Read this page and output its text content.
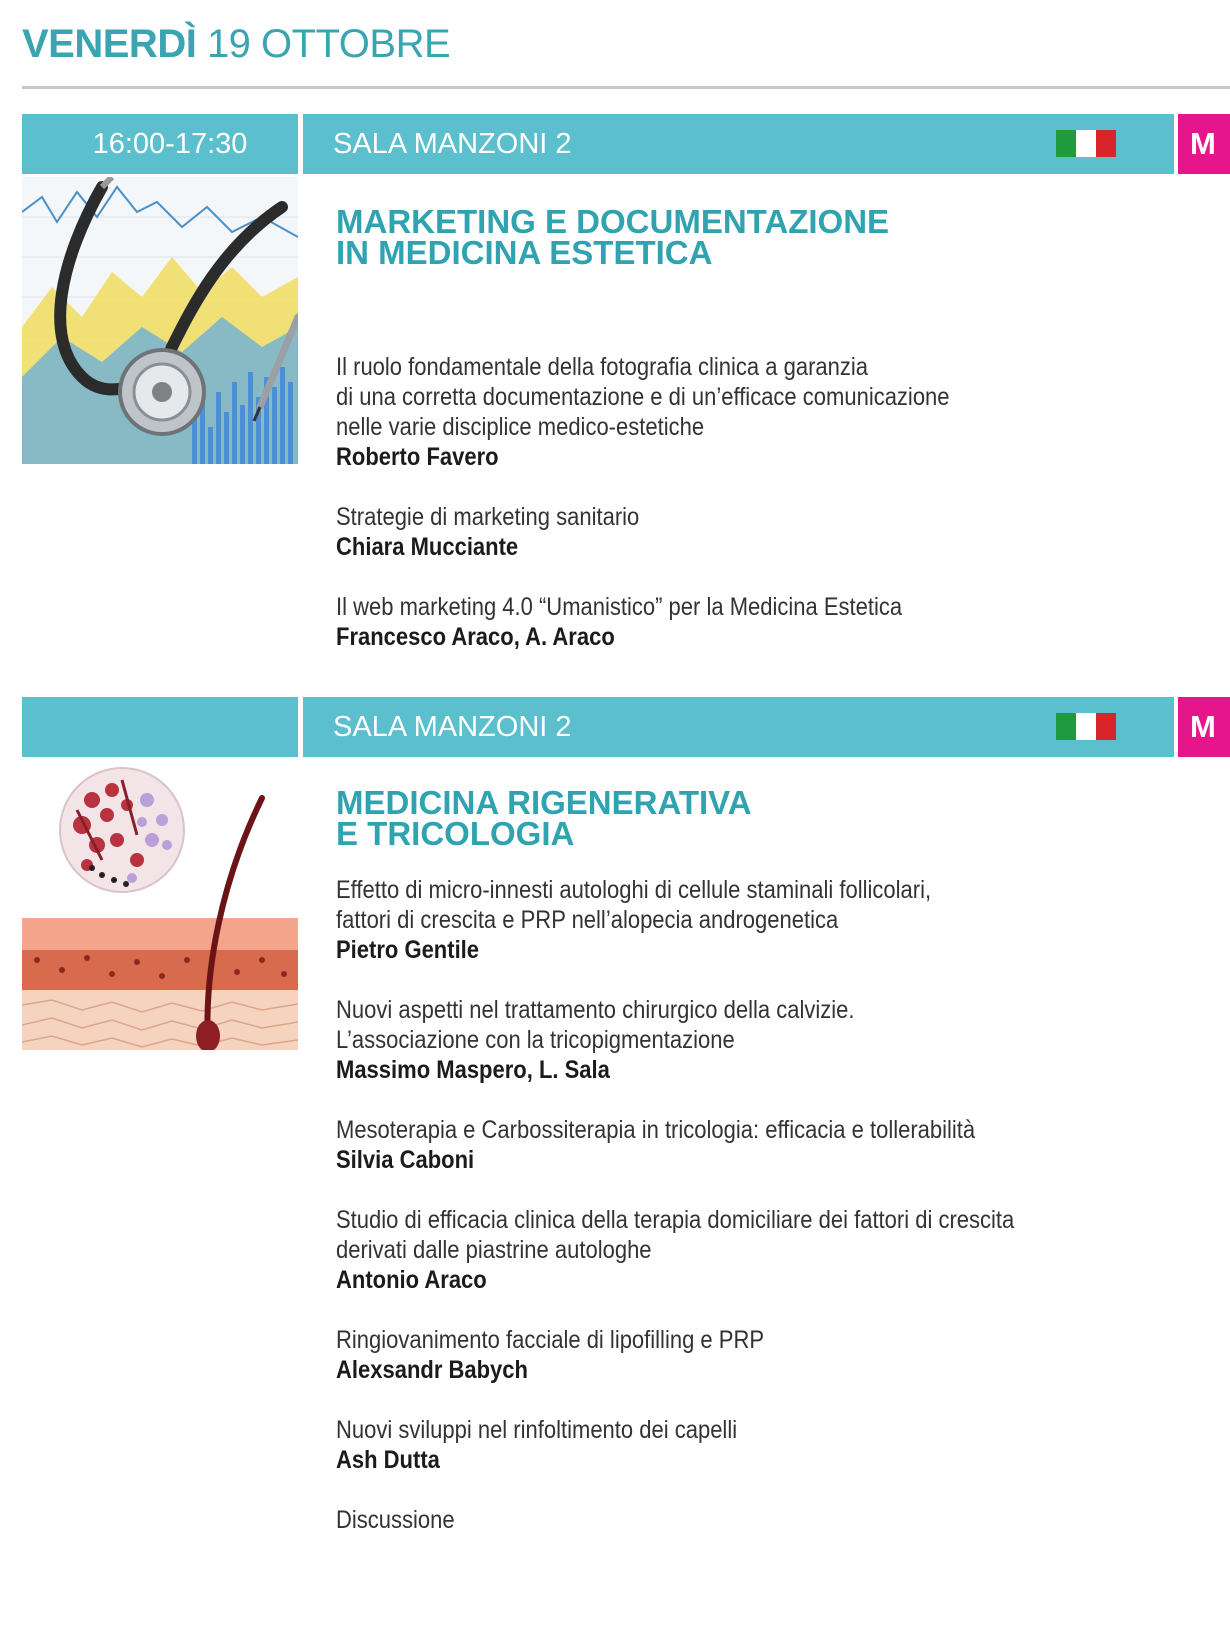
VENERDÌ 19 OTTOBRE
16:00-17:30	SALA MANZONI 2	M
MARKETING E DOCUMENTAZIONE
IN MEDICINA ESTETICA
Il ruolo fondamentale della fotografia clinica a garanzia
di una corretta documentazione e di un’efficace comunicazione
nelle varie disciplice medico-estetiche
Roberto Favero
Strategie di marketing sanitario
Chiara Mucciante
Il web marketing 4.0 “Umanistico” per la Medicina Estetica
Francesco Araco, A. Araco
SALA MANZONI 2	M
MEDICINA RIGENERATIVA
E TRICOLOGIA
Effetto di micro-innesti autologhi di cellule staminali follicolari,
fattori di crescita e PRP nell’alopecia androgenetica
Pietro Gentile
Nuovi aspetti nel trattamento chirurgico della calvizie.
L’associazione con la tricopigmentazione
Massimo Maspero, L. Sala
Mesoterapia e Carbossiterapia in tricologia: efficacia e tollerabilità
Silvia Caboni
Studio di efficacia clinica della terapia domiciliare dei fattori di crescita
derivati dalle piastrine autologhe
Antonio Araco
Ringiovanimento facciale di lipofilling e PRP
Alexsandr Babych
Nuovi sviluppi nel rinfoltimento dei capelli
Ash Dutta
Discussione
